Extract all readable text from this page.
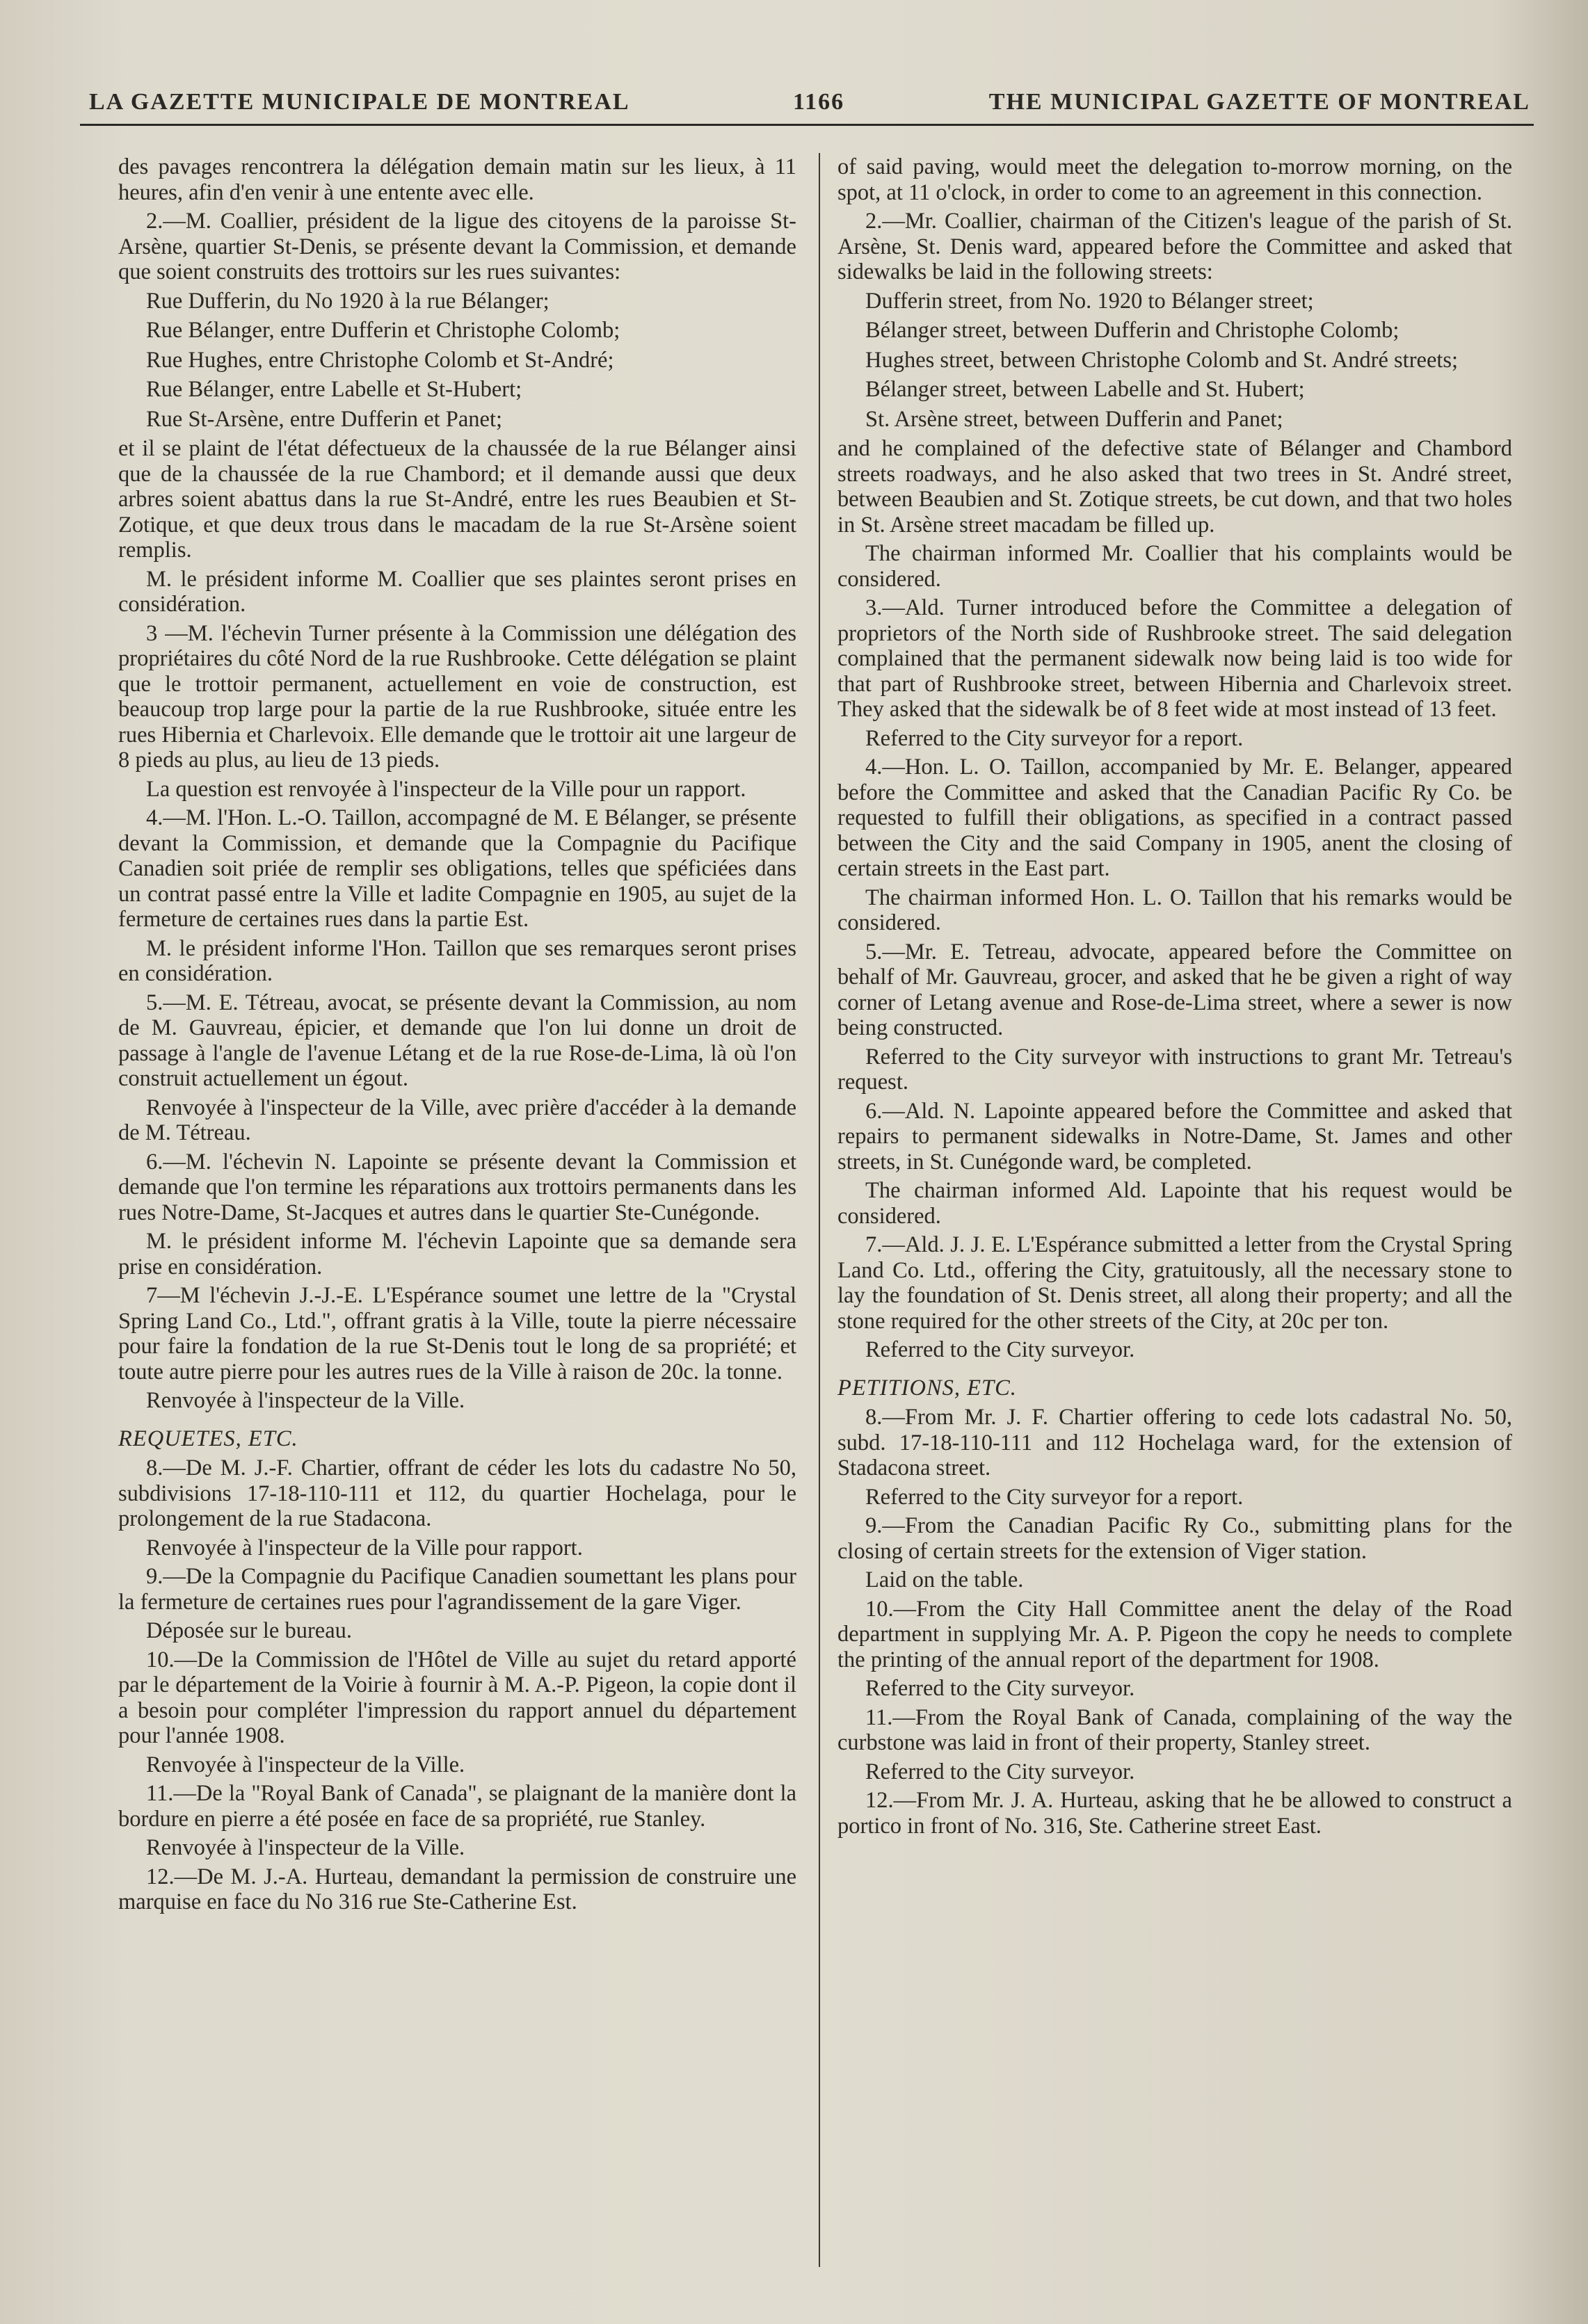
LA GAZETTE MUNICIPALE DE MONTREAL	1166	THE MUNICIPAL GAZETTE OF MONTREAL

des pavages rencontrera la délégation demain matin sur les lieux, à 11 heures, afin d'en venir à une entente avec elle.

2.—M. Coallier, président de la ligue des citoyens de la paroisse St-Arsène, quartier St-Denis, se présente devant la Commission, et demande que soient construits des trottoirs sur les rues suivantes:

Rue Dufferin, du No 1920 à la rue Bélanger;

Rue Bélanger, entre Dufferin et Christophe Colomb;

Rue Hughes, entre Christophe Colomb et St-André;

Rue Bélanger, entre Labelle et St-Hubert;

Rue St-Arsène, entre Dufferin et Panet;

et il se plaint de l'état défectueux de la chaussée de la rue Bélanger ainsi que de la chaussée de la rue Chambord; et il demande aussi que deux arbres soient abattus dans la rue St-André, entre les rues Beaubien et St-Zotique, et que deux trous dans le macadam de la rue St-Arsène soient remplis.

M. le président informe M. Coallier que ses plaintes seront prises en considération.

3 —M. l'échevin Turner présente à la Commission une délégation des propriétaires du côté Nord de la rue Rushbrooke. Cette délégation se plaint que le trottoir permanent, actuellement en voie de construction, est beaucoup trop large pour la partie de la rue Rushbrooke, située entre les rues Hibernia et Charlevoix. Elle demande que le trottoir ait une largeur de 8 pieds au plus, au lieu de 13 pieds.

La question est renvoyée à l'inspecteur de la Ville pour un rapport.

4.—M. l'Hon. L.-O. Taillon, accompagné de M. E Bélanger, se présente devant la Commission, et demande que la Compagnie du Pacifique Canadien soit priée de remplir ses obligations, telles que spéficiées dans un contrat passé entre la Ville et ladite Compagnie en 1905, au sujet de la fermeture de certaines rues dans la partie Est.

M. le président informe l'Hon. Taillon que ses remarques seront prises en considération.

5.—M. E. Tétreau, avocat, se présente devant la Commission, au nom de M. Gauvreau, épicier, et demande que l'on lui donne un droit de passage à l'angle de l'avenue Létang et de la rue Rose-de-Lima, là où l'on construit actuellement un égout.

Renvoyée à l'inspecteur de la Ville, avec prière d'accéder à la demande de M. Tétreau.

6.—M. l'échevin N. Lapointe se présente devant la Commission et demande que l'on termine les réparations aux trottoirs permanents dans les rues Notre-Dame, St-Jacques et autres dans le quartier Ste-Cunégonde.

M. le président informe M. l'échevin Lapointe que sa demande sera prise en considération.

7—M l'échevin J.-J.-E. L'Espérance soumet une lettre de la "Crystal Spring Land Co., Ltd.", offrant gratis à la Ville, toute la pierre nécessaire pour faire la fondation de la rue St-Denis tout le long de sa propriété; et toute autre pierre pour les autres rues de la Ville à raison de 20c. la tonne.

Renvoyée à l'inspecteur de la Ville.

REQUETES, ETC.

8.—De M. J.-F. Chartier, offrant de céder les lots du cadastre No 50, subdivisions 17-18-110-111 et 112, du quartier Hochelaga, pour le prolongement de la rue Stadacona.

Renvoyée à l'inspecteur de la Ville pour rapport.

9.—De la Compagnie du Pacifique Canadien soumettant les plans pour la fermeture de certaines rues pour l'agrandissement de la gare Viger.

Déposée sur le bureau.

10.—De la Commission de l'Hôtel de Ville au sujet du retard apporté par le département de la Voirie à fournir à M. A.-P. Pigeon, la copie dont il a besoin pour compléter l'impression du rapport annuel du département pour l'année 1908.

Renvoyée à l'inspecteur de la Ville.

11.—De la "Royal Bank of Canada", se plaignant de la manière dont la bordure en pierre a été posée en face de sa propriété, rue Stanley.

Renvoyée à l'inspecteur de la Ville.

12.—De M. J.-A. Hurteau, demandant la permission de construire une marquise en face du No 316 rue Ste-Catherine Est.

of said paving, would meet the delegation to-morrow morning, on the spot, at 11 o'clock, in order to come to an agreement in this connection.

2.—Mr. Coallier, chairman of the Citizen's league of the parish of St. Arsène, St. Denis ward, appeared before the Committee and asked that sidewalks be laid in the following streets:

Dufferin street, from No. 1920 to Bélanger street;

Bélanger street, between Dufferin and Christophe Colomb;

Hughes street, between Christophe Colomb and St. André streets;

Bélanger street, between Labelle and St. Hubert;

St. Arsène street, between Dufferin and Panet;

and he complained of the defective state of Bélanger and Chambord streets roadways, and he also asked that two trees in St. André street, between Beaubien and St. Zotique streets, be cut down, and that two holes in St. Arsène street macadam be filled up.

The chairman informed Mr. Coallier that his complaints would be considered.

3.—Ald. Turner introduced before the Committee a delegation of proprietors of the North side of Rushbrooke street. The said delegation complained that the permanent sidewalk now being laid is too wide for that part of Rushbrooke street, between Hibernia and Charlevoix street. They asked that the sidewalk be of 8 feet wide at most instead of 13 feet.

Referred to the City surveyor for a report.

4.—Hon. L. O. Taillon, accompanied by Mr. E. Belanger, appeared before the Committee and asked that the Canadian Pacific Ry Co. be requested to fulfill their obligations, as specified in a contract passed between the City and the said Company in 1905, anent the closing of certain streets in the East part.

The chairman informed Hon. L. O. Taillon that his remarks would be considered.

5.—Mr. E. Tetreau, advocate, appeared before the Committee on behalf of Mr. Gauvreau, grocer, and asked that he be given a right of way corner of Letang avenue and Rose-de-Lima street, where a sewer is now being constructed.

Referred to the City surveyor with instructions to grant Mr. Tetreau's request.

6.—Ald. N. Lapointe appeared before the Committee and asked that repairs to permanent sidewalks in Notre-Dame, St. James and other streets, in St. Cunégonde ward, be completed.

The chairman informed Ald. Lapointe that his request would be considered.

7.—Ald. J. J. E. L'Espérance submitted a letter from the Crystal Spring Land Co. Ltd., offering the City, gratuitously, all the necessary stone to lay the foundation of St. Denis street, all along their property; and all the stone required for the other streets of the City, at 20c per ton.

Referred to the City surveyor.

PETITIONS, ETC.

8.—From Mr. J. F. Chartier offering to cede lots cadastral No. 50, subd. 17-18-110-111 and 112 Hochelaga ward, for the extension of Stadacona street.

Referred to the City surveyor for a report.

9.—From the Canadian Pacific Ry Co., submitting plans for the closing of certain streets for the extension of Viger station.

Laid on the table.

10.—From the City Hall Committee anent the delay of the Road department in supplying Mr. A. P. Pigeon the copy he needs to complete the printing of the annual report of the department for 1908.

Referred to the City surveyor.

11.—From the Royal Bank of Canada, complaining of the way the curbstone was laid in front of their property, Stanley street.

Referred to the City surveyor.

12.—From Mr. J. A. Hurteau, asking that he be allowed to construct a portico in front of No. 316, Ste. Catherine street East.
